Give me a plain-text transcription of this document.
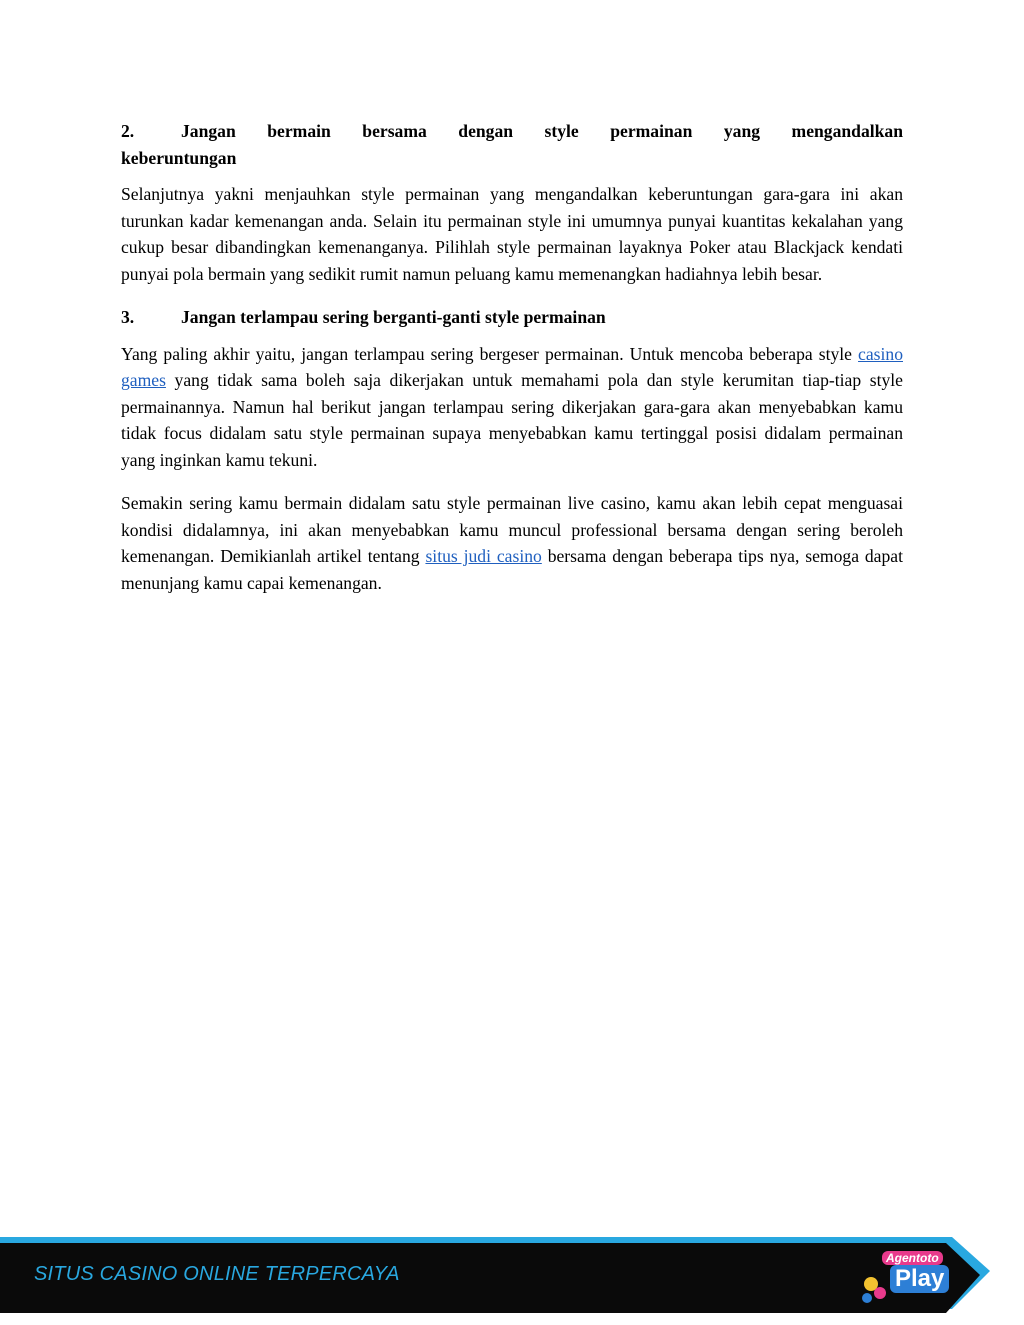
2.	Jangan bermain bersama dengan style permainan yang mengandalkan
keberuntungan

Selanjutnya yakni menjauhkan style permainan yang mengandalkan keberuntungan gara-gara ini akan turunkan kadar kemenangan anda. Selain itu permainan style ini umumnya punyai kuantitas kekalahan yang cukup besar dibandingkan kemenanganya. Pilihlah style permainan layaknya Poker atau Blackjack kendati punyai pola bermain yang sedikit rumit namun peluang kamu memenangkan hadiahnya lebih besar.

3.	Jangan terlampau sering berganti-ganti style permainan

Yang paling akhir yaitu, jangan terlampau sering bergeser permainan. Untuk mencoba beberapa style casino games yang tidak sama boleh saja dikerjakan untuk memahami pola dan style kerumitan tiap-tiap style permainannya. Namun hal berikut jangan terlampau sering dikerjakan gara-gara akan menyebabkan kamu tidak focus didalam satu style permainan supaya menyebabkan kamu tertinggal posisi didalam permainan yang inginkan kamu tekuni.

Semakin sering kamu bermain didalam satu style permainan live casino, kamu akan lebih cepat menguasai kondisi didalamnya, ini akan menyebabkan kamu muncul professional bersama dengan sering beroleh kemenangan. Demikianlah artikel tentang situs judi casino bersama dengan beberapa tips nya, semoga dapat menunjang kamu capai kemenangan.

SITUS CASINO ONLINE TERPERCAYA
Agentoto
Play
